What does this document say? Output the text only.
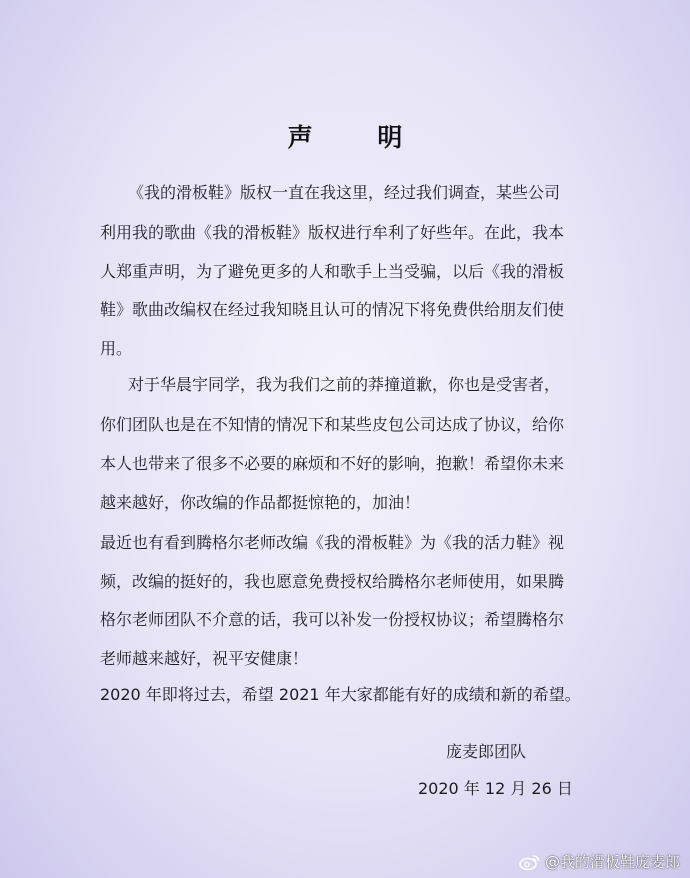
声 明
《我的滑板鞋》版权一直在我这里，经过我们调查，某些公司
利用我的歌曲《我的滑板鞋》版权进行牟利了好些年。在此，我本
人郑重声明，为了避免更多的人和歌手上当受骗，以后《我的滑板
鞋》歌曲改编权在经过我知晓且认可的情况下将免费供给朋友们使
用。
对于华晨宇同学，我为我们之前的莽撞道歉，你也是受害者，
你们团队也是在不知情的情况下和某些皮包公司达成了协议，给你
本人也带来了很多不必要的麻烦和不好的影响，抱歉！希望你未来
越来越好，你改编的作品都挺惊艳的，加油！
最近也有看到腾格尔老师改编《我的滑板鞋》为《我的活力鞋》视
频，改编的挺好的，我也愿意免费授权给腾格尔老师使用，如果腾
格尔老师团队不介意的话，我可以补发一份授权协议；希望腾格尔
老师越来越好，祝平安健康！
2020 年即将过去，希望 2021 年大家都能有好的成绩和新的希望。
庞麦郎团队
2020 年 12 月 26 日
@我的滑板鞋庞麦郎
